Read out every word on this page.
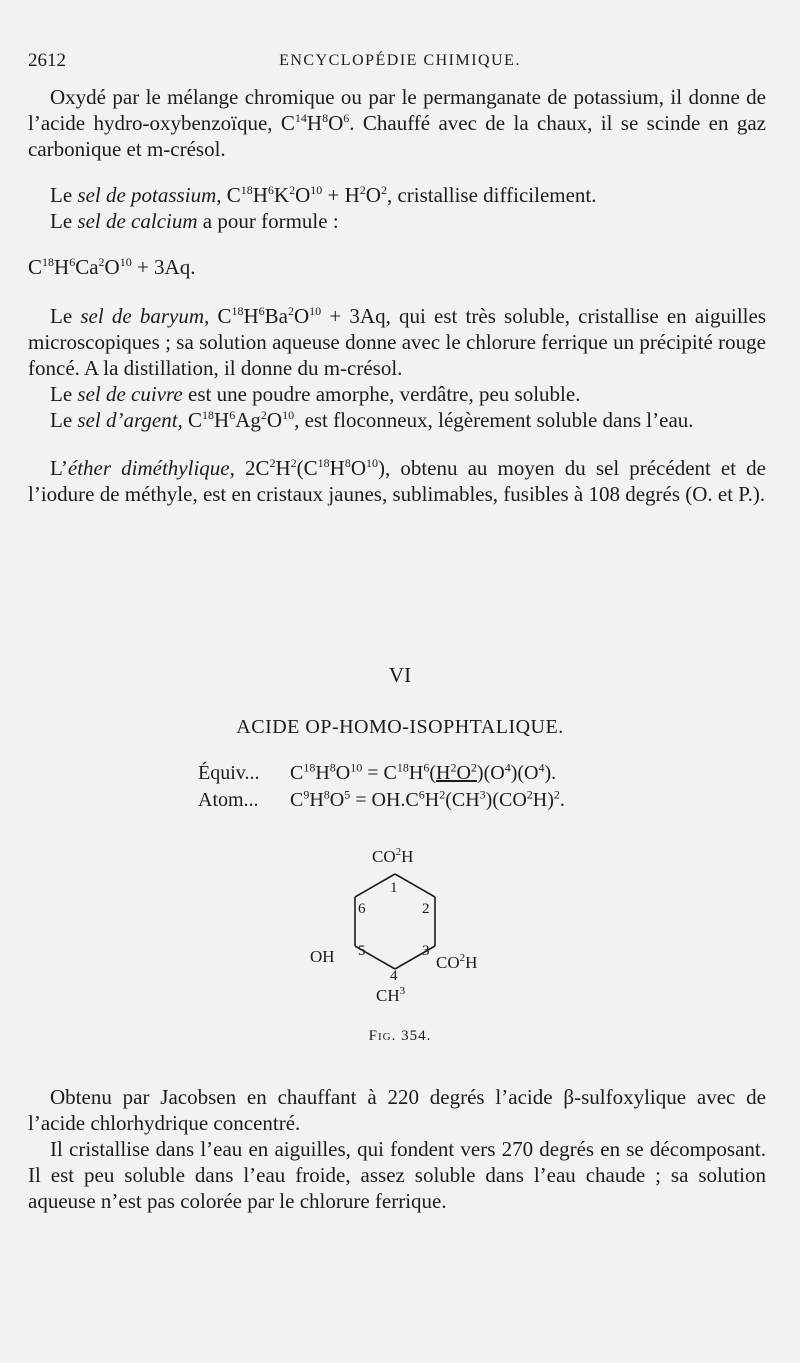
2612	ENCYCLOPÉDIE CHIMIQUE.

Oxydé par le mélange chromique ou par le permanganate de potassium, il donne de l’acide hydro-oxybenzoïque, $C^{14}H^8O^6$. Chauffé avec de la chaux, il se scinde en gaz carbonique et m-crésol.

Le sel de potassium, $C^{18}H^6K^2O^{10} + H^2O^2$, cristallise difficilement.

Le sel de calcium a pour formule :

$C^{18}H^6Ca^2O^{10} + 3Aq$.

Le sel de baryum, $C^{18}H^6Ba^2O^{10} + 3Aq$, qui est très soluble, cristallise en aiguilles microscopiques ; sa solution aqueuse donne avec le chlorure ferrique un précipité rouge foncé. A la distillation, il donne du m-crésol.

Le sel de cuivre est une poudre amorphe, verdâtre, peu soluble.

Le sel d’argent, $C^{18}H^6Ag^2O^{10}$, est floconneux, légèrement soluble dans l’eau.

L’éther diméthylique, $2C^2H^2(C^{18}H^8O^{10})$, obtenu au moyen du sel précédent et de l’iodure de méthyle, est en cristaux jaunes, sublimables, fusibles à 108 degrés (O. et P.).

VI
ACIDE OP-HOMO-ISOPHTALIQUE.
Équiv... $C^{18}H^8O^{10} = C^{18}H^6(H^2O^2)(O^4)(O^4)$.
Atom... $C^9H^8O^5 = OH.C^6H^2(CH^3)(CO^2H)^2$.
$CO^2H$
OH	$CO^2H$
$CH^3$
1
2
3
4
5
6
Fig. 354.

Obtenu par Jacobsen en chauffant à 220 degrés l’acide β-sulfoxylique avec de l’acide chlorhydrique concentré.

Il cristallise dans l’eau en aiguilles, qui fondent vers 270 degrés en se décomposant. Il est peu soluble dans l’eau froide, assez soluble dans l’eau chaude ; sa solution aqueuse n’est pas colorée par le chlorure ferrique.
